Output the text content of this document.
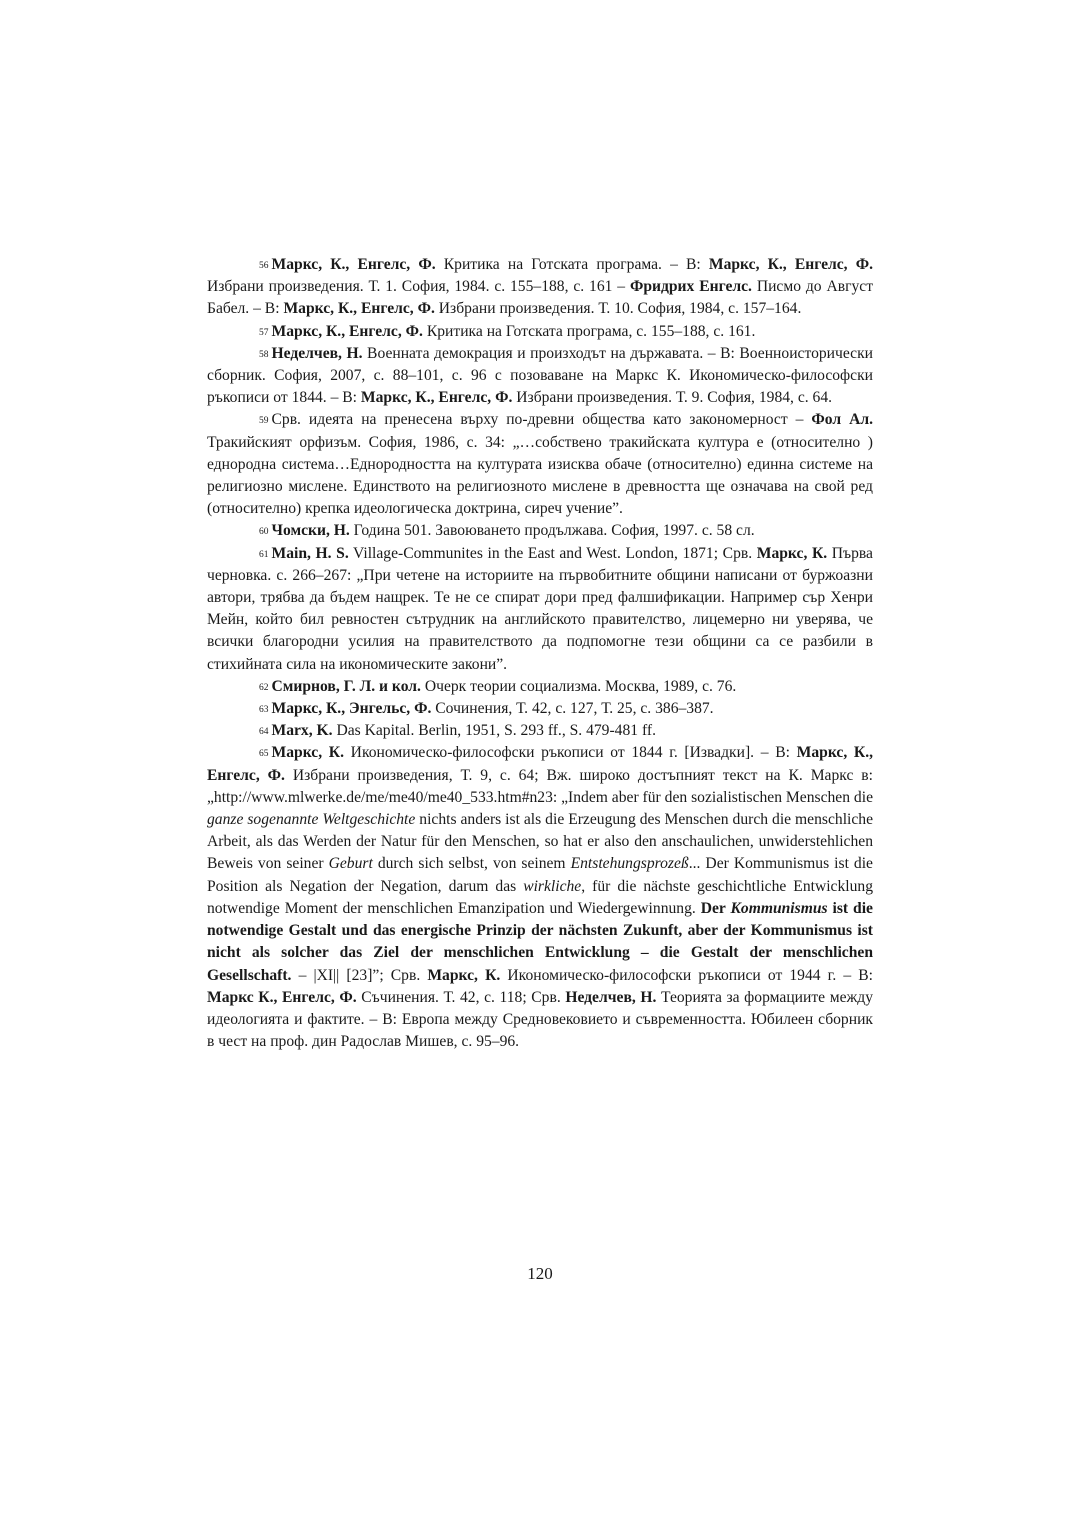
$^{56}$ Маркс, К., Енгелс, Ф. Критика на Готската програма. – В: Маркс, К., Енгелс, Ф. Избрани произведения. Т. 1. София, 1984. с. 155–188, с. 161 – Фридрих Енгелс. Писмо до Август Бабел. – В: Маркс, К., Енгелс, Ф. Избрани произведения. Т. 10. София, 1984, с. 157–164.

$^{57}$ Маркс, К., Енгелс, Ф. Критика на Готската програма, с. 155–188, с. 161.

$^{58}$ Неделчев, Н. Военната демокрация и произходът на държавата. – В: Военноисторически сборник. София, 2007, с. 88–101, с. 96 с позоваване на Маркс К. Икономическо-философски ръкописи от 1844. – В: Маркс, К., Енгелс, Ф. Избрани произведения. Т. 9. София, 1984, с. 64.

$^{59}$ Срв. идеята на пренесена върху по-древни общества като закономерност – Фол Ал. Тракийският орфизъм. София, 1986, с. 34: „…собствено тракийската култура е (относително ) еднородна система…Еднородността на културата изисква обаче (относително) единна системе на религиозно мислене. Единството на религиозното мислене в древността ще означава на свой ред (относително) крепка идеологическа доктрина, сиреч учение”.

$^{60}$ Чомски, Н. Година 501. Завоюването продължава. София, 1997. с. 58 сл.

$^{61}$ Main, H. S. Village-Communites in the East and West. London, 1871; Срв. Маркс, К. Първа чернoвка. с. 266–267: „При четене на историите на първобитните общини написани от буржоазни автори, трябва да бъдем нащрек. Те не се спират дори пред фалшификации. Например сър Хенри Мейн, който бил ревностен сътрудник на английското правителство, лицемерно ни уверява, че всички благородни усилия на правителството да подпомогне тези общини са се разбили в стихийната сила на икономическите закони”.

$^{62}$ Смирнов, Г. Л. и кол. Очерк теории социализма. Москва, 1989, с. 76.

$^{63}$ Маркс, К., Энгельс, Ф. Сочинения, Т. 42, с. 127, Т. 25, с. 386–387.

$^{64}$ Marx, K. Das Kapital. Berlin, 1951, S. 293 ff., S. 479-481 ff.

$^{65}$ Маркс, К. Икономическо-философски ръкописи от 1844 г. [Извадки]. – В: Маркс, К., Енгелс, Ф. Избрани произведения, Т. 9, с. 64; Вж. широко достъпният текст на К. Маркс в:„http://www.mlwerke.de/me/me40/me40_533.htm#n23: „Indem aber für den sozialistischen Menschen die ganze sogenannte Weltgeschichte nichts anders ist als die Erzeugung des Menschen durch die menschliche Arbeit, als das Werden der Natur für den Menschen, so hat er also den anschaulichen, unwiderstehlichen Beweis von seiner Geburt durch sich selbst, von seinem Entstehungsprozeß... Der Kommunismus ist die Position als Negation der Negation, darum das wirkliche, für die nächste geschichtliche Entwicklung notwendige Moment der menschlichen Emanzipation und Wiedergewinnung. Der Kommunismus ist die notwendige Gestalt und das energische Prinzip der nächsten Zukunft, aber der Kommunismus ist nicht als solcher das Ziel der menschlichen Entwicklung – die Gestalt der menschlichen Gesellschaft. – |XI|| [23]”; Срв. Маркс, К. Икономическо-философски ръкописи от 1944 г. – В: Маркс К., Енгелс, Ф. Съчинения. Т. 42, с. 118; Срв. Неделчев, Н. Теорията за формациите между идеологията и фактите. – В: Европа между Средновековието и съвременността. Юбилеен сборник в чест на проф. дин Радослав Мишев, с. 95–96.

120
